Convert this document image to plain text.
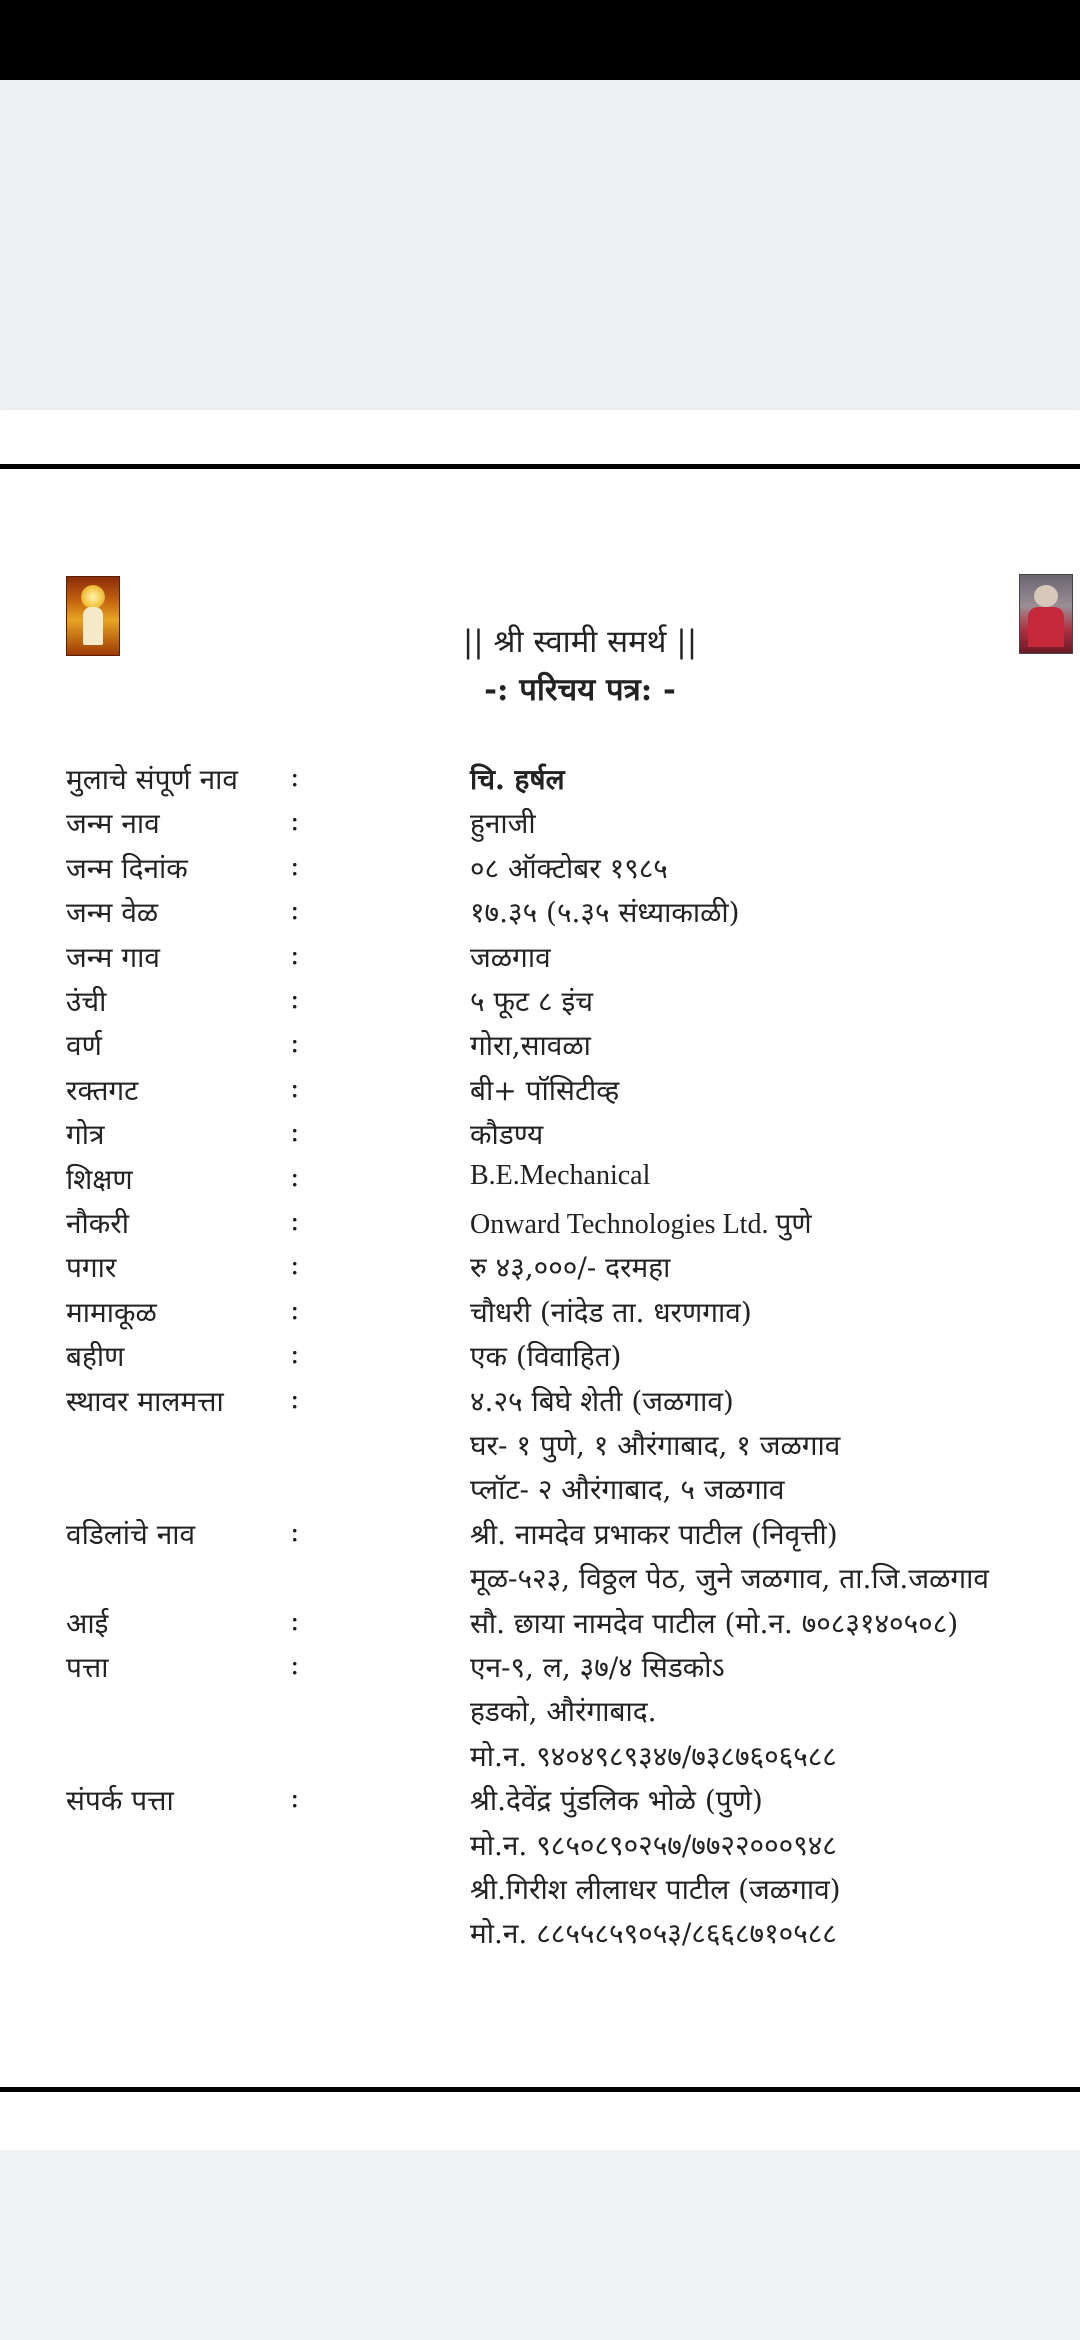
|| श्री स्वामी समर्थ ||
-: परिचय पत्र: -
मुलाचे संपूर्ण नाव :	चि. हर्षल
जन्म नाव	:	हुनाजी
जन्म दिनांक	:	०८ ऑक्टोबर १९८५
जन्म वेळ	:	१७.३५ (५.३५ संध्याकाळी)
जन्म गाव	:	जळगाव
उंची	:	५ फूट ८ इंच
वर्ण	:	गोरा,सावळा
रक्तगट	:	बी+ पॉसिटीव्ह
गोत्र	:	कौडण्य
शिक्षण	:	B.E.Mechanical
नौकरी	:	Onward Technologies Ltd. पुणे
पगार	:	रु ४३,०००/- दरमहा
मामाकूळ	:	चौधरी (नांदेड ता. धरणगाव)
बहीण	:	एक (विवाहित)
स्थावर मालमत्ता :	४.२५ बिघे शेती (जळगाव)
घर- १ पुणे, १ औरंगाबाद, १ जळगाव
प्लॉट- २ औरंगाबाद, ५ जळगाव
वडिलांचे नाव	:	श्री. नामदेव प्रभाकर पाटील (निवृत्ती)
मूळ-५२३, विठ्ठल पेठ, जुने जळगाव, ता.जि.जळगाव
आई	:	सौ. छाया नामदेव पाटील (मो.न. ७०८३१४०५०८)
पत्ता	:	एन-९, ल, ३७/४ सिडकोऽ
हडको, औरंगाबाद.
मो.न. ९४०४९८९३४७/७३८७६०६५८८
संपर्क पत्ता	:	श्री.देवेंद्र पुंडलिक भोळे (पुणे)
मो.न. ९८५०८९०२५७/७७२२०००९४८
श्री.गिरीश लीलाधर पाटील (जळगाव)
मो.न. ८८५५८५९०५३/८६६८७१०५८८
